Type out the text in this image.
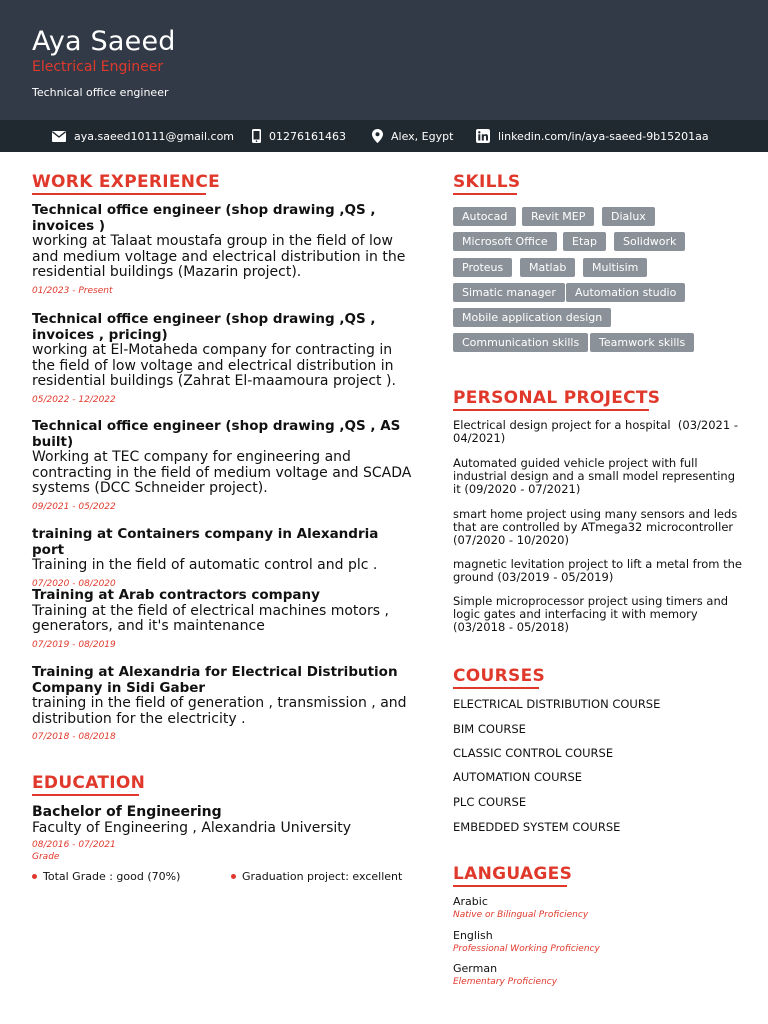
Aya Saeed
Electrical Engineer
Technical office engineer
aya.saeed10111@gmail.com	01276161463	Alex, Egypt	linkedin.com/in/aya-saeed-9b15201aa
WORK EXPERIENCE
Technical office engineer (shop drawing ,QS , invoices )
working at Talaat moustafa group in the field of low and medium voltage and electrical distribution in the residential buildings (Mazarin project).
01/2023 - Present
Technical office engineer (shop drawing ,QS , invoices , pricing)
working at El-Motaheda company for contracting in the field of low voltage and electrical distribution in residential buildings (Zahrat El-maamoura project ).
05/2022 - 12/2022
Technical office engineer (shop drawing ,QS , AS built)
Working at TEC company for engineering and contracting in the field of medium voltage and SCADA systems (DCC Schneider project).
09/2021 - 05/2022
training at Containers company in Alexandria port
Training in the field of automatic control and plc .
07/2020 - 08/2020
Training at Arab contractors company
Training at the field of electrical machines motors , generators, and it's maintenance
07/2019 - 08/2019
Training at Alexandria for Electrical Distribution Company in Sidi Gaber
training in the field of generation , transmission , and distribution for the electricity .
07/2018 - 08/2018
EDUCATION
Bachelor of Engineering
Faculty of Engineering , Alexandria University
08/2016 - 07/2021
Grade
Total Grade : good (70%)	Graduation project: excellent
SKILLS
Autocad	Revit MEP	Dialux
Microsoft Office	Etap	Solidwork
Proteus	Matlab	Multisim
Simatic manager	Automation studio
Mobile application design
Communication skills	Teamwork skills
PERSONAL PROJECTS
Electrical design project for a hospital  (03/2021 - 04/2021)
Automated guided vehicle project with full industrial design and a small model representing it (09/2020 - 07/2021)
smart home project using many sensors and leds that are controlled by ATmega32 microcontroller (07/2020 - 10/2020)
magnetic levitation project to lift a metal from the ground (03/2019 - 05/2019)
Simple microprocessor project using timers and logic gates and interfacing it with memory  (03/2018 - 05/2018)
COURSES
ELECTRICAL DISTRIBUTION COURSE
BIM COURSE
CLASSIC CONTROL COURSE
AUTOMATION COURSE
PLC COURSE
EMBEDDED SYSTEM COURSE
LANGUAGES
Arabic
Native or Bilingual Proficiency
English
Professional Working Proficiency
German
Elementary Proficiency
